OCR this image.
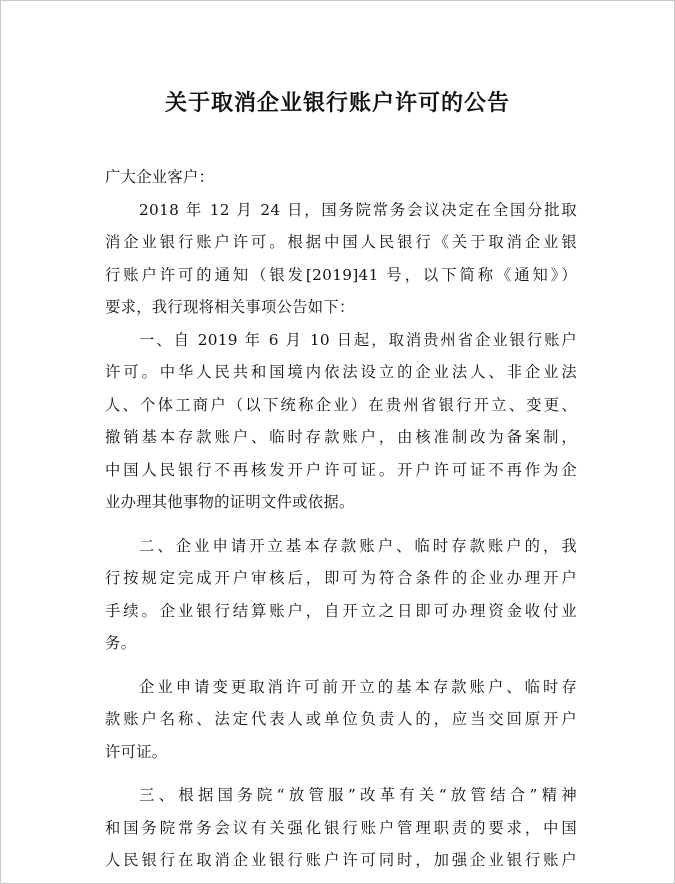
关于取消企业银行账户许可的公告
广大企业客户：
2018 年 12 月 24 日，国务院常务会议决定在全国分批取
消企业银行账户许可。根据中国人民银行《关于取消企业银
行账户许可的通知（银发[2019]41 号，以下简称《通知》）
要求，我行现将相关事项公告如下：
一、自 2019 年 6 月 10 日起，取消贵州省企业银行账户
许可。中华人民共和国境内依法设立的企业法人、非企业法
人、个体工商户（以下统称企业）在贵州省银行开立、变更、
撤销基本存款账户、临时存款账户，由核准制改为备案制，
中国人民银行不再核发开户许可证。开户许可证不再作为企
业办理其他事物的证明文件或依据。
二、企业申请开立基本存款账户、临时存款账户的，我
行按规定完成开户审核后，即可为符合条件的企业办理开户
手续。企业银行结算账户，自开立之日即可办理资金收付业
务。
企业申请变更取消许可前开立的基本存款账户、临时存
款账户名称、法定代表人或单位负责人的，应当交回原开户
许可证。
三、根据国务院“放管服”改革有关“放管结合”精神
和国务院常务会议有关强化银行账户管理职责的要求，中国
人民银行在取消企业银行账户许可同时，加强企业银行账户
